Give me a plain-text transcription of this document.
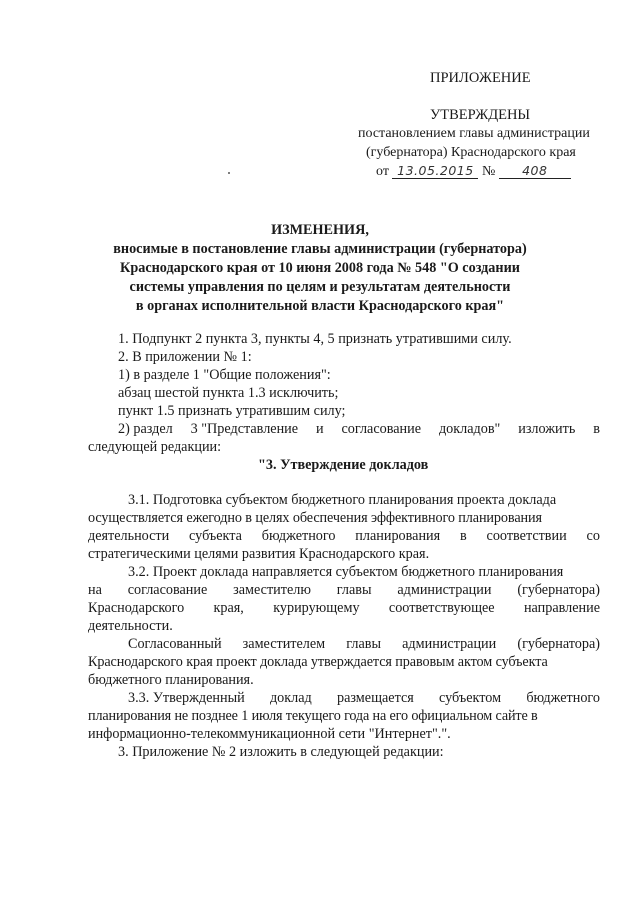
ПРИЛОЖЕНИЕ
УТВЕРЖДЕНЫ
постановлением главы администрации
(губернатора) Краснодарского края
от 13.05.2015 № 408
ИЗМЕНЕНИЯ,
вносимые в постановление главы администрации (губернатора)
Краснодарского края от 10 июня 2008 года № 548 "О создании
системы управления по целям и результатам деятельности
в органах исполнительной власти Краснодарского края"
1. Подпункт 2 пункта 3, пункты 4, 5 признать утратившими силу.
2. В приложении № 1:
1) в разделе 1 "Общие положения":
абзац шестой пункта 1.3 исключить;
пункт 1.5 признать утратившим силу;
2) раздел 3 "Представление и согласование докладов" изложить в
следующей редакции:
"3. Утверждение докладов
3.1. Подготовка субъектом бюджетного планирования проекта доклада
осуществляется ежегодно в целях обеспечения эффективного планирования
деятельности субъекта бюджетного планирования в соответствии со
стратегическими целями развития Краснодарского края.
3.2. Проект доклада направляется субъектом бюджетного планирования
на согласование заместителю главы администрации (губернатора)
Краснодарского края, курирующему соответствующее направление
деятельности.
Согласованный заместителем главы администрации (губернатора)
Краснодарского края проект доклада утверждается правовым актом субъекта
бюджетного планирования.
3.3. Утвержденный доклад размещается субъектом бюджетного
планирования не позднее 1 июля текущего года на его официальном сайте в
информационно-телекоммуникационной сети "Интернет".".
3. Приложение № 2 изложить в следующей редакции:
